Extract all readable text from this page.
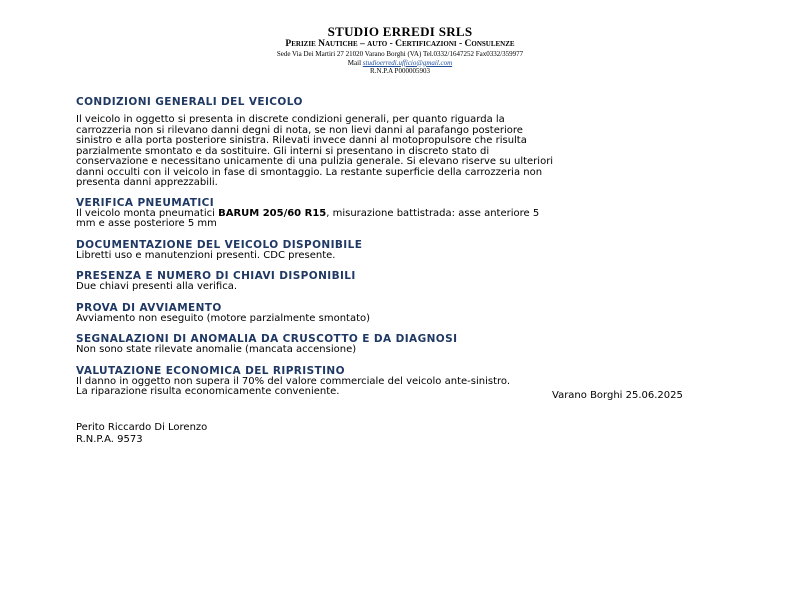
STUDIO ERREDI SRLS
Perizie Nautiche – auto - Certificazioni - Consulenze
Sede Via Dei Martiri 27 21020 Varano Borghi (VA) Tel.0332/1647252 Fax0332/359977
Mail studioerredi.ufficio@gmail.com
R.N.P.A P000005903

CONDIZIONI GENERALI DEL VEICOLO

Il veicolo in oggetto si presenta in discrete condizioni generali, per quanto riguarda la

carrozzeria non si rilevano danni degni di nota, se non lievi danni al parafango posteriore

sinistro e alla porta posteriore sinistra. Rilevati invece danni al motopropulsore che risulta

parzialmente smontato e da sostituire. Gli interni si presentano in discreto stato di

conservazione e necessitano unicamente di una pulizia generale. Si elevano riserve su ulteriori

danni occulti con il veicolo in fase di smontaggio. La restante superficie della carrozzeria non

presenta danni apprezzabili.

VERIFICA PNEUMATICI

Il veicolo monta pneumatici BARUM 205/60 R15, misurazione battistrada: asse anteriore 5

mm e asse posteriore 5 mm

DOCUMENTAZIONE DEL VEICOLO DISPONIBILE

Libretti uso e manutenzioni presenti. CDC presente.

PRESENZA E NUMERO DI CHIAVI DISPONIBILI

Due chiavi presenti alla verifica.

PROVA DI AVVIAMENTO

Avviamento non eseguito (motore parzialmente smontato)

SEGNALAZIONI DI ANOMALIA DA CRUSCOTTO E DA DIAGNOSI

Non sono state rilevate anomalie (mancata accensione)

VALUTAZIONE ECONOMICA DEL RIPRISTINO

Il danno in oggetto non supera il 70% del valore commerciale del veicolo ante-sinistro.

La riparazione risulta economicamente conveniente.	Varano Borghi 25.06.2025
Perito Riccardo Di Lorenzo
R.N.P.A. 9573
